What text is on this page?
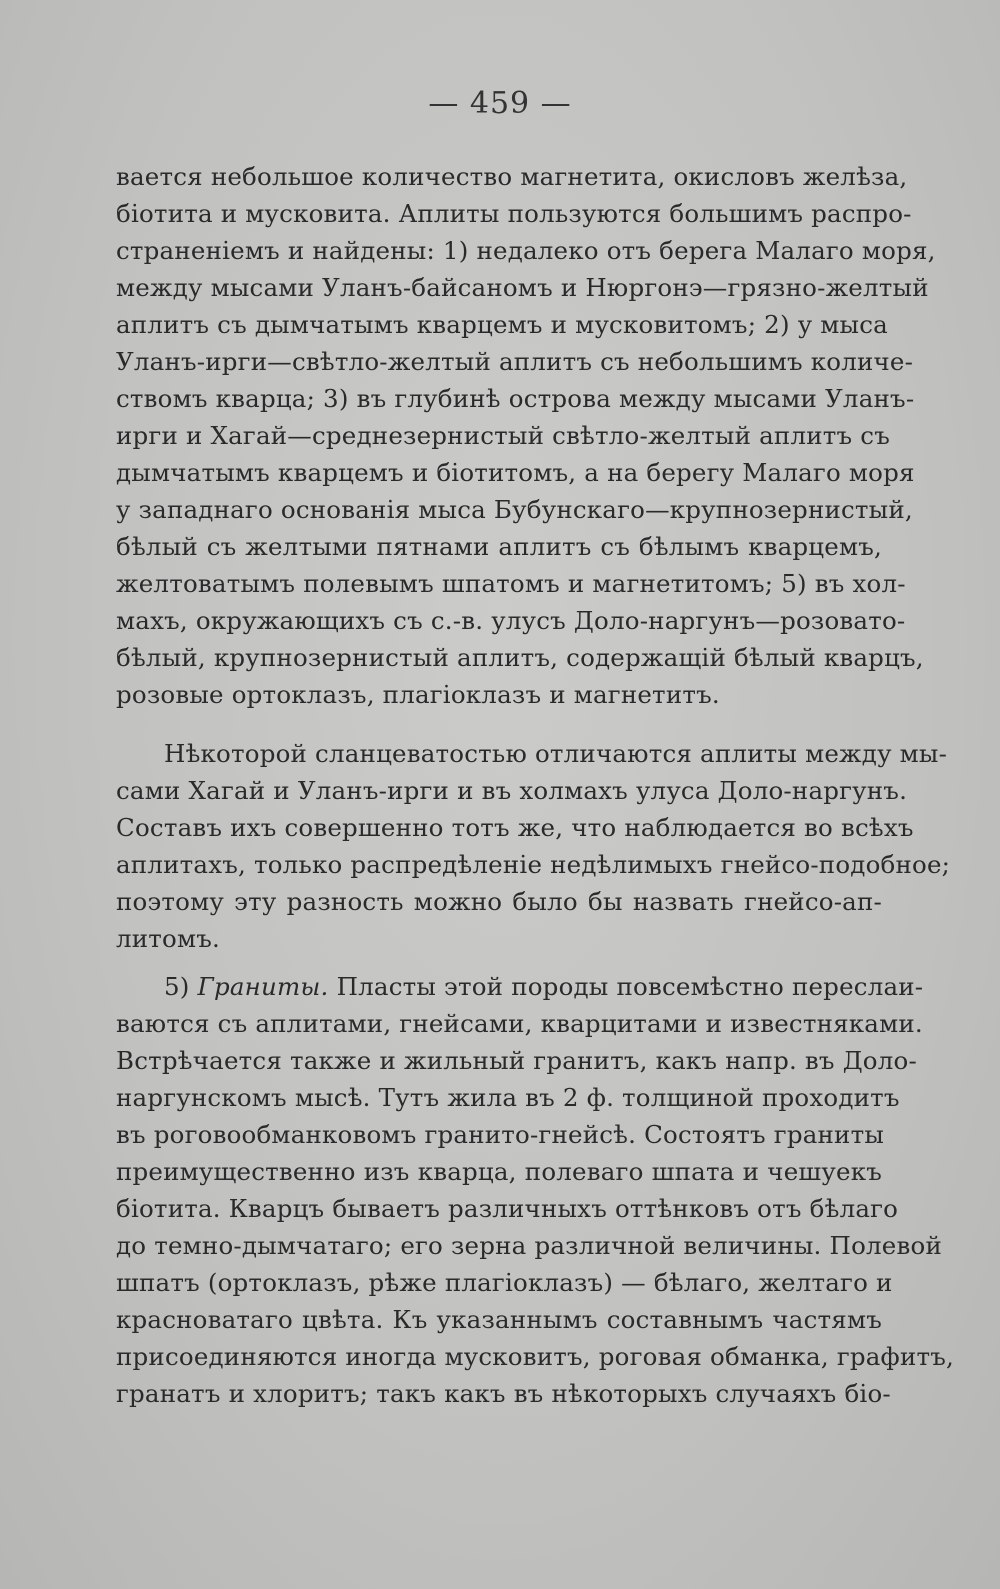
— 459 —
вается небольшое количество магнетита, окисловъ желѣза,
біотита и мусковита. Аплиты пользуются большимъ распро-
страненіемъ и найдены: 1) недалеко отъ берега Малаго моря,
между мысами Уланъ-байсаномъ и Нюргонэ—грязно-желтый
аплитъ съ дымчатымъ кварцемъ и мусковитомъ; 2) у мыса
Уланъ-ирги—свѣтло-желтый аплитъ съ небольшимъ количе-
ствомъ кварца; 3) въ глубинѣ острова между мысами Уланъ-
ирги и Хагай—среднезернистый свѣтло-желтый аплитъ съ
дымчатымъ кварцемъ и біотитомъ, а на берегу Малаго моря
у западнаго основанія мыса Бубунскаго—крупнозернистый,
бѣлый съ желтыми пятнами аплитъ съ бѣлымъ кварцемъ,
желтоватымъ полевымъ шпатомъ и магнетитомъ; 5) въ хол-
махъ, окружающихъ съ с.-в. улусъ Доло-наргунъ—розовато-
бѣлый, крупнозернистый аплитъ, содержащій бѣлый кварцъ,
розовые ортоклазъ, плагіоклазъ и магнетитъ.
Нѣкоторой сланцеватостью отличаются аплиты между мы-
сами Хагай и Уланъ-ирги и въ холмахъ улуса Доло-наргунъ.
Составъ ихъ совершенно тотъ же, что наблюдается во всѣхъ
аплитахъ, только распредѣленіе недѣлимыхъ гнейсо-подобное;
поэтому эту разность можно было бы назвать гнейсо-ап-
литомъ.
5) Граниты. Пласты этой породы повсемѣстно переслаи-
ваются съ аплитами, гнейсами, кварцитами и известняками.
Встрѣчается также и жильный гранитъ, какъ напр. въ Доло-
наргунскомъ мысѣ. Тутъ жила въ 2 ф. толщиной проходитъ
въ роговообманковомъ гранито-гнейсѣ. Состоятъ граниты
преимущественно изъ кварца, полеваго шпата и чешуекъ
біотита. Кварцъ бываетъ различныхъ оттѣнковъ отъ бѣлаго
до темно-дымчатаго; его зерна различной величины. Полевой
шпатъ (ортоклазъ, рѣже плагіоклазъ) — бѣлаго, желтаго и
красноватаго цвѣта. Къ указаннымъ составнымъ частямъ
присоединяются иногда мусковитъ, роговая обманка, графитъ,
гранатъ и хлоритъ; такъ какъ въ нѣкоторыхъ случаяхъ біо-
